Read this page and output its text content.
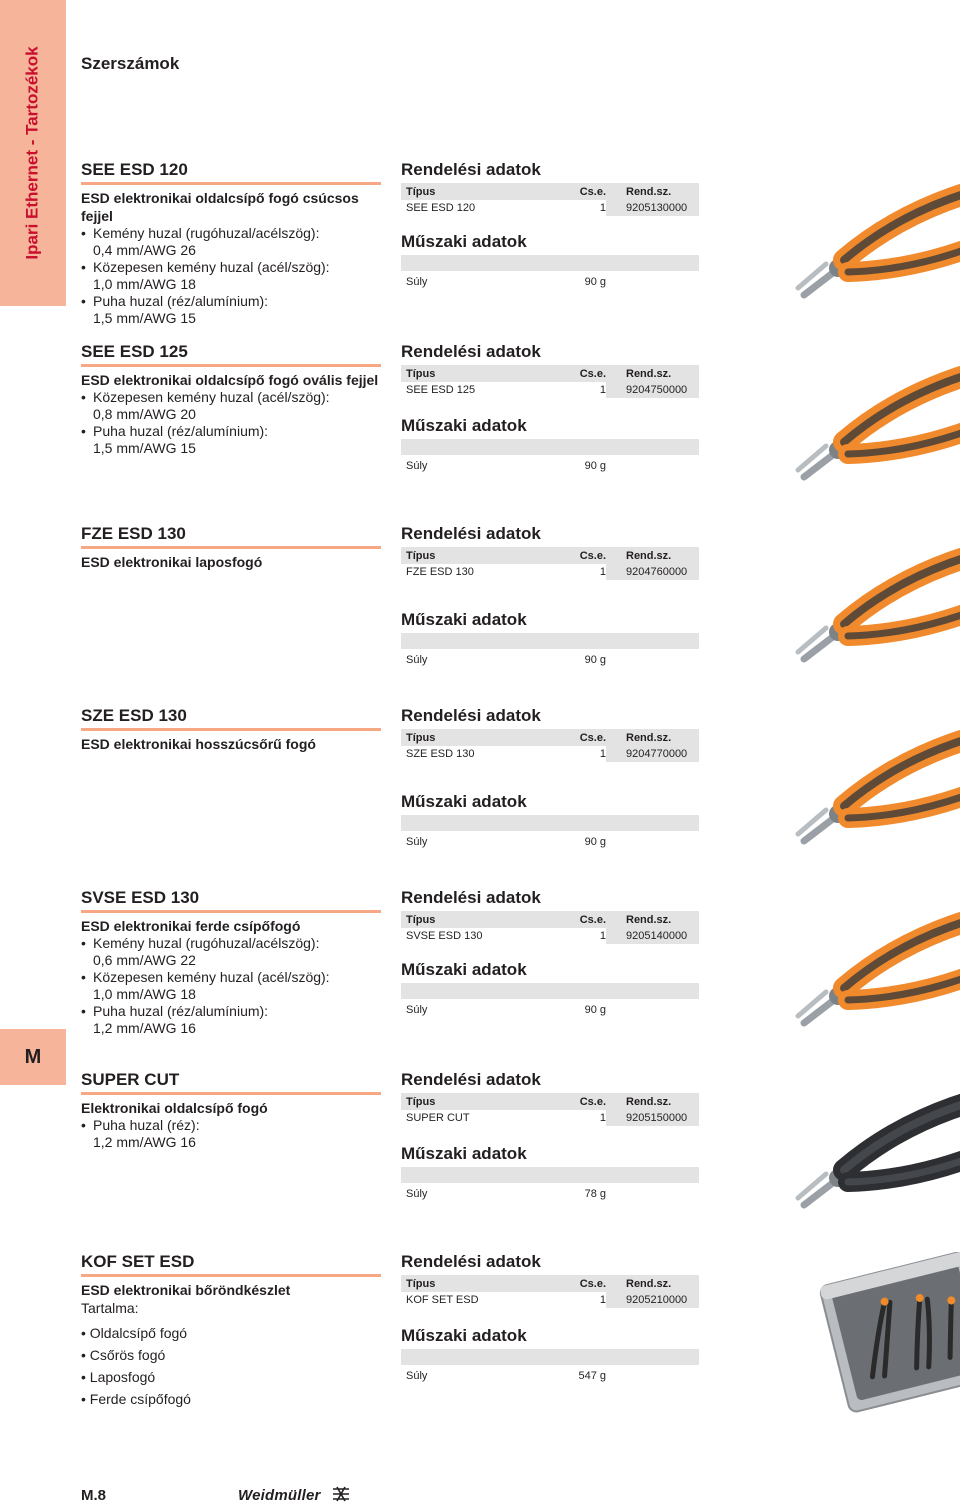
Ipari Ethernet - Tartozékok
M
Szerszámok
SEE ESD 120
ESD elektronikai oldalcsípő fogó csúcsos fejjel
• Kemény huzal (rugóhuzal/acélszög):
0,4 mm/AWG 26
• Közepesen kemény huzal (acél/szög):
1,0 mm/AWG 18
• Puha huzal (réz/alumínium):
1,5 mm/AWG 15
Rendelési adatok
Típus	Cs.e.	Rend.sz.
SEE ESD 120	1	9205130000
Műszaki adatok
Súly	90 g
SEE ESD 125
ESD elektronikai oldalcsípő fogó ovális fejjel
• Közepesen kemény huzal (acél/szög):
0,8 mm/AWG 20
• Puha huzal (réz/alumínium):
1,5 mm/AWG 15
Rendelési adatok
Típus	Cs.e.	Rend.sz.
SEE ESD 125	1	9204750000
Műszaki adatok
Súly	90 g
FZE ESD 130
ESD elektronikai laposfogó
Rendelési adatok
Típus	Cs.e.	Rend.sz.
FZE ESD 130	1	9204760000
Műszaki adatok
Súly	90 g
SZE ESD 130
ESD elektronikai hosszúcsőrű fogó
Rendelési adatok
Típus	Cs.e.	Rend.sz.
SZE ESD 130	1	9204770000
Műszaki adatok
Súly	90 g
SVSE ESD 130
ESD elektronikai ferde csípőfogó
• Kemény huzal (rugóhuzal/acélszög):
0,6 mm/AWG 22
• Közepesen kemény huzal (acél/szög):
1,0 mm/AWG 18
• Puha huzal (réz/alumínium):
1,2 mm/AWG 16
Rendelési adatok
Típus	Cs.e.	Rend.sz.
SVSE ESD 130	1	9205140000
Műszaki adatok
Súly	90 g
SUPER CUT
Elektronikai oldalcsípő fogó
• Puha huzal (réz):
1,2 mm/AWG 16
Rendelési adatok
Típus	Cs.e.	Rend.sz.
SUPER CUT	1	9205150000
Műszaki adatok
Súly	78 g
KOF SET ESD
ESD elektronikai bőröndkészlet
Tartalma:
• Oldalcsípő fogó
• Csőrös fogó
• Laposfogó
• Ferde csípőfogó
Rendelési adatok
Típus	Cs.e.	Rend.sz.
KOF SET ESD	1	9205210000
Műszaki adatok
Súly	547 g
M.8	Weidmüller
